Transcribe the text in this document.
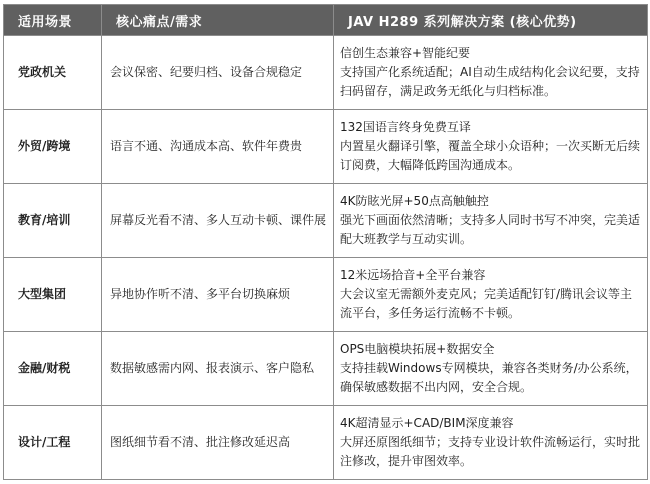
适用场景	核心痛点/需求	JAV H289 系列解决方案 (核心优势)
党政机关	会议保密、纪要归档、设备合规稳定	信创生态兼容+智能纪要
支持国产化系统适配；AI自动生成结构化会议纪要，支持扫码留存，满足政务无纸化与归档标准。

外贸/跨境	语言不通、沟通成本高、软件年费贵	132国语言终身免费互译
内置星火翻译引擎，覆盖全球小众语种；一次买断无后续订阅费，大幅降低跨国沟通成本。

教育/培训	屏幕反光看不清、多人互动卡顿、课件展	4K防眩光屏+50点高触触控
强光下画面依然清晰；支持多人同时书写不冲突，完美适配大班教学与互动实训。

大型集团	异地协作听不清、多平台切换麻烦	12米远场拾音+全平台兼容
大会议室无需额外麦克风；完美适配钉钉/腾讯会议等主流平台，多任务运行流畅不卡顿。

金融/财税	数据敏感需内网、报表演示、客户隐私	OPS电脑模块拓展+数据安全
支持挂载Windows专网模块，兼容各类财务/办公系统，确保敏感数据不出内网，安全合规。

设计/工程	图纸细节看不清、批注修改延迟高	4K超清显示+CAD/BIM深度兼容
大屏还原图纸细节；支持专业设计软件流畅运行，实时批注修改，提升审图效率。
